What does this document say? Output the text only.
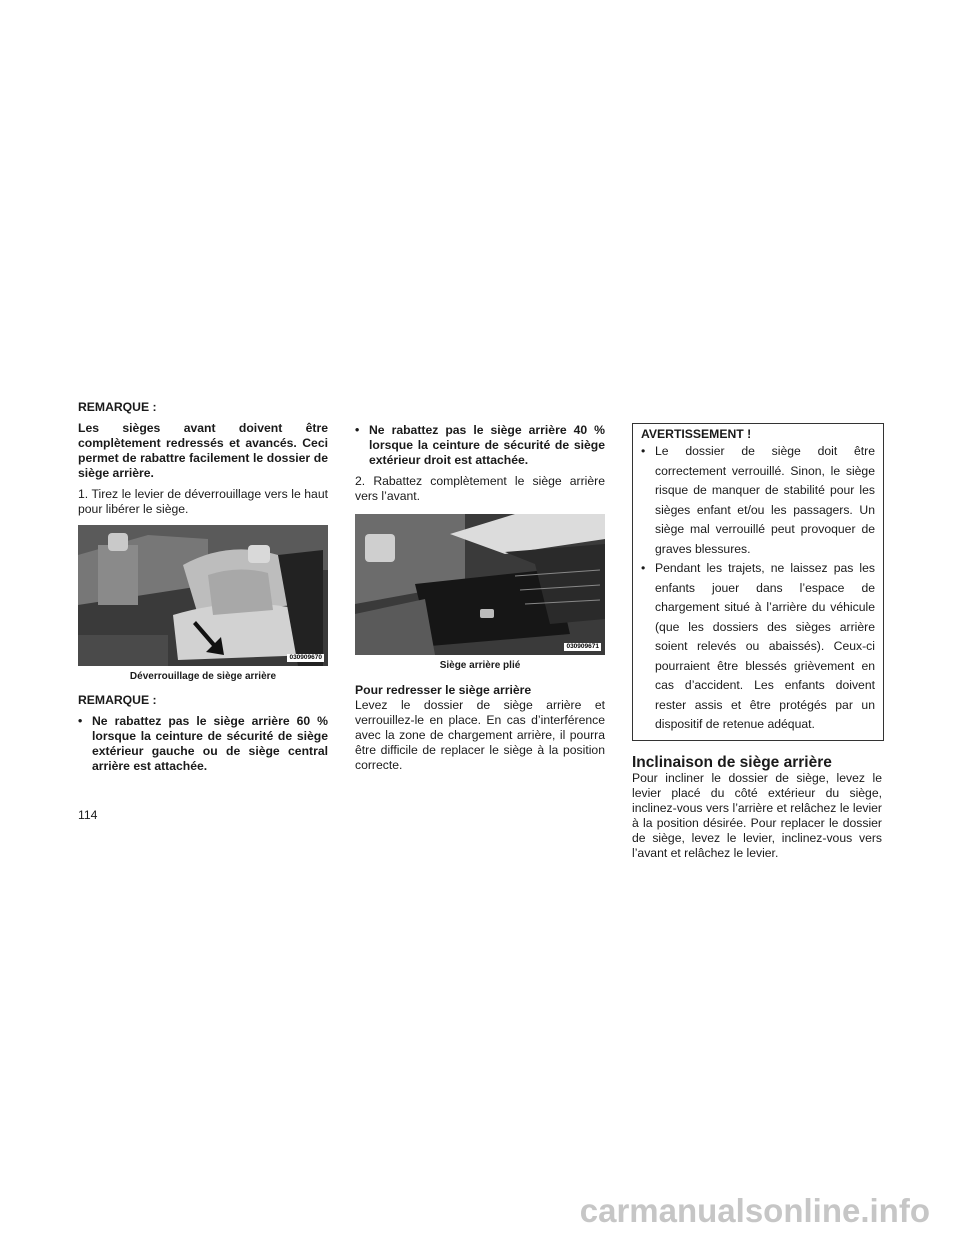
REMARQUE :

Les sièges avant doivent être complètement redressés et avancés. Ceci permet de rabattre facilement le dossier de siège arrière.

1. Tirez le levier de déverrouillage vers le haut pour libérer le siège.

030909670

Déverrouillage de siège arrière

REMARQUE :

• Ne rabattez pas le siège arrière 60 % lorsque la ceinture de sécurité de siège extérieur gauche ou de siège central arrière est attachée.

• Ne rabattez pas le siège arrière 40 % lorsque la ceinture de sécurité de siège extérieur droit est attachée.

2. Rabattez complètement le siège arrière vers l’avant.

030909671

Siège arrière plié

Pour redresser le siège arrière

Levez le dossier de siège arrière et verrouillez-le en place. En cas d’interférence avec la zone de chargement arrière, il pourra être difficile de replacer le siège à la position correcte.

AVERTISSEMENT !

• Le dossier de siège doit être correctement verrouillé. Sinon, le siège risque de manquer de stabilité pour les sièges enfant et/ou les passagers. Un siège mal verrouillé peut provoquer de graves blessures.

• Pendant les trajets, ne laissez pas les enfants jouer dans l’espace de chargement situé à l’arrière du véhicule (que les dossiers des sièges arrière soient relevés ou abaissés). Ceux-ci pourraient être blessés grièvement en cas d’accident. Les enfants doivent rester assis et être protégés par un dispositif de retenue adéquat.

Inclinaison de siège arrière

Pour incliner le dossier de siège, levez le levier placé du côté extérieur du siège, inclinez-vous vers l’arrière et relâchez le levier à la position désirée. Pour replacer le dossier de siège, levez le levier, inclinez-vous vers l’avant et relâchez le levier.

114
carmanualsonline.info
